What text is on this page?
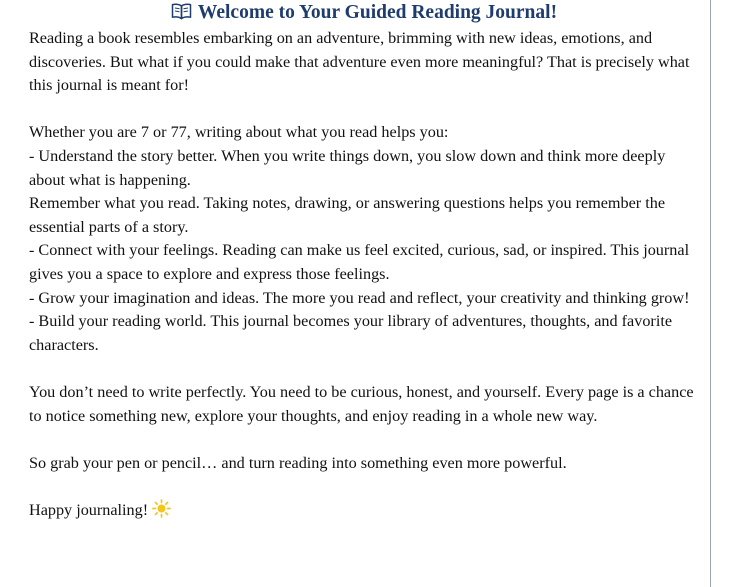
Welcome to Your Guided Reading Journal!

Reading a book resembles embarking on an adventure, brimming with new ideas, emotions, and discoveries. But what if you could make that adventure even more meaningful? That is precisely what this journal is meant for!

Whether you are 7 or 77, writing about what you read helps you:

- Understand the story better. When you write things down, you slow down and think more deeply about what is happening.

Remember what you read. Taking notes, drawing, or answering questions helps you remember the essential parts of a story.

- Connect with your feelings. Reading can make us feel excited, curious, sad, or inspired. This journal gives you a space to explore and express those feelings.

- Grow your imagination and ideas. The more you read and reflect, your creativity and thinking grow!

- Build your reading world. This journal becomes your library of adventures, thoughts, and favorite characters.

You don’t need to write perfectly. You need to be curious, honest, and yourself. Every page is a chance to notice something new, explore your thoughts, and enjoy reading in a whole new way.

So grab your pen or pencil… and turn reading into something even more powerful.

Happy journaling!
